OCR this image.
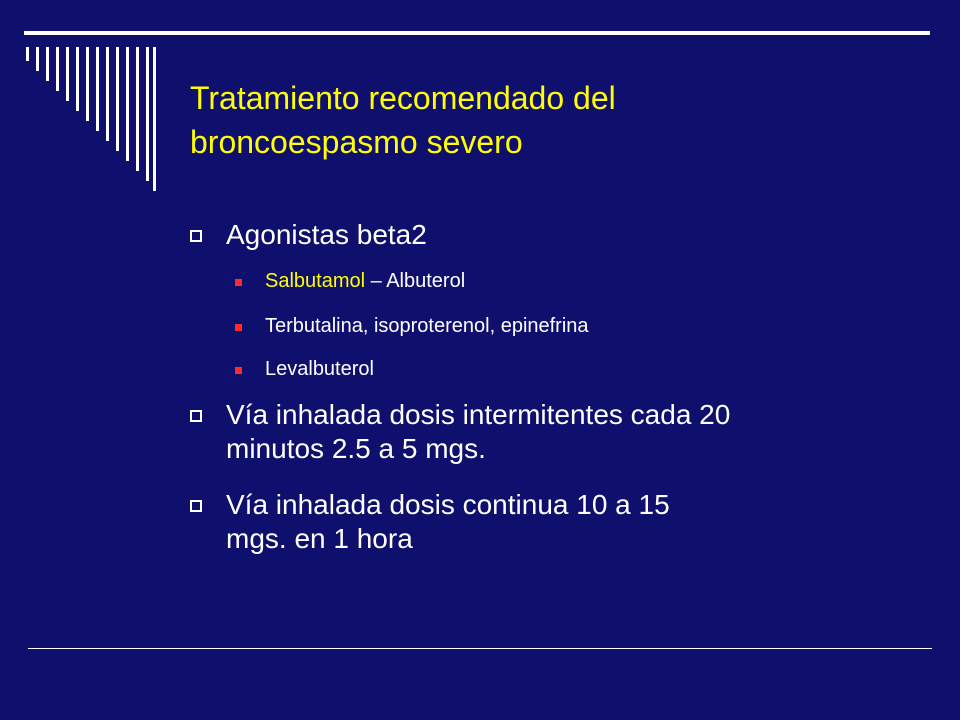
Tratamiento recomendado del
broncoespasmo severo
Agonistas beta2
Salbutamol – Albuterol
Terbutalina, isoproterenol, epinefrina
Levalbuterol
Vía inhalada dosis intermitentes cada 20
minutos 2.5 a 5 mgs.
Vía inhalada dosis continua 10 a 15
mgs. en 1 hora
